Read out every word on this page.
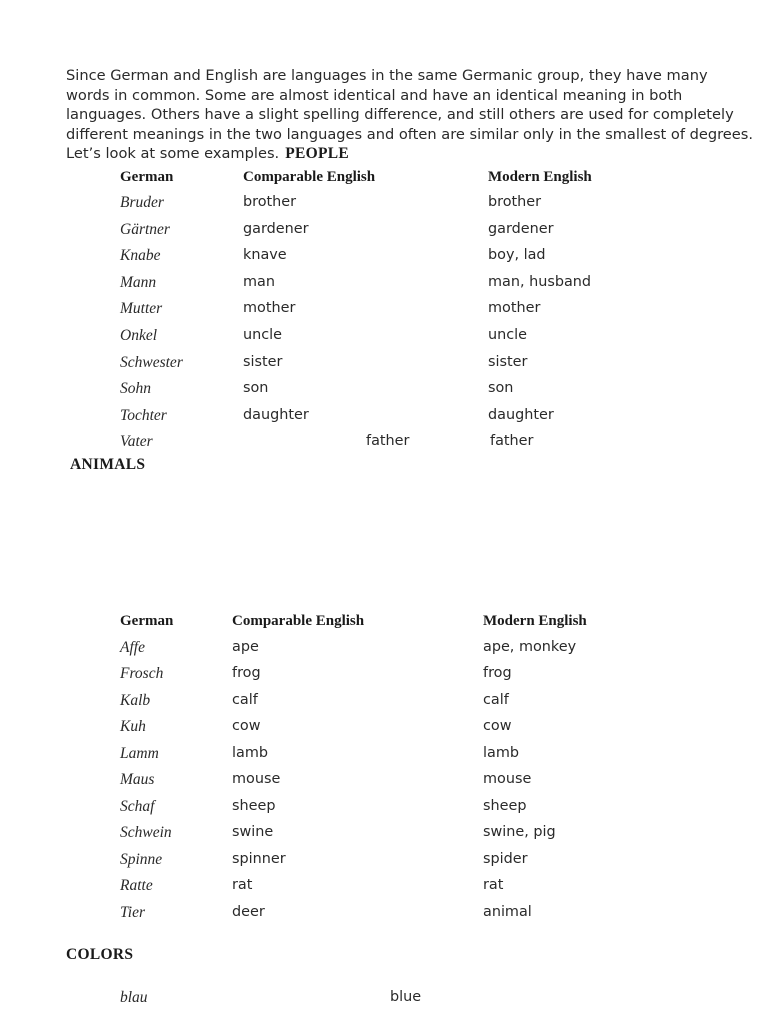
Since German and English are languages in the same Germanic group, they have many
words in common. Some are almost identical and have an identical meaning in both
languages. Others have a slight spelling difference, and still others are used for completely
different meanings in the two languages and often are similar only in the smallest of degrees.
Let’s look at some examples. PEOPLE
German	Comparable English	Modern English
Bruder	brother	brother
Gärtner	gardener	gardener
Knabe	knave	boy, lad
Mann	man	man, husband
Mutter	mother	mother
Onkel	uncle	uncle
Schwester	sister	sister
Sohn	son	son
Tochter	daughter	daughter
Vater	father	father
ANIMALS
German	Comparable English	Modern English
Affe	ape	ape, monkey
Frosch	frog	frog
Kalb	calf	calf
Kuh	cow	cow
Lamm	lamb	lamb
Maus	mouse	mouse
Schaf	sheep	sheep
Schwein	swine	swine, pig
Spinne	spinner	spider
Ratte	rat	rat
Tier	deer	animal
COLORS
blau	blue
